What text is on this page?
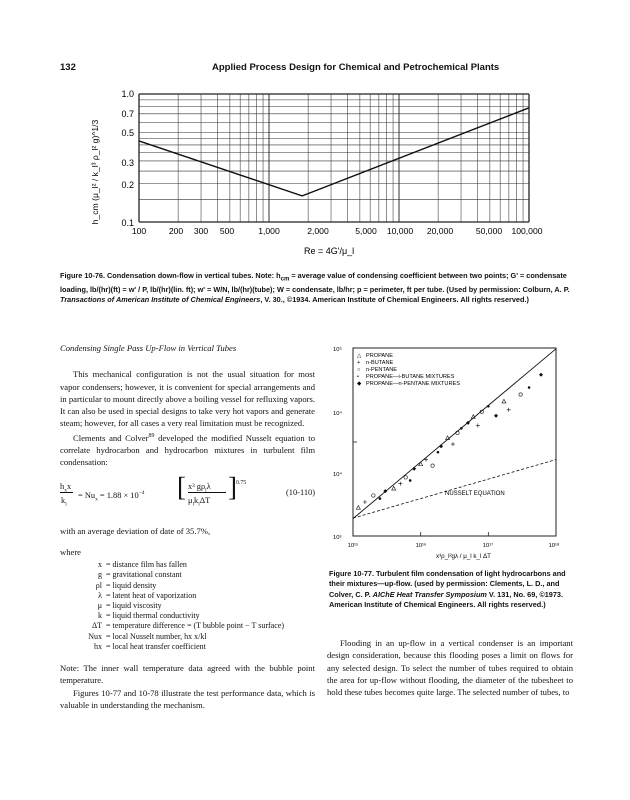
132	Applied Process Design for Chemical and Petrochemical Plants
1.0
0.7
0.5
0.3
0.2
0.1
100	200 300 500	1,000	2,000	5,000 10,000 20,000	50,000 100,000
h_cm (μ_l² / k_l³ ρ_l² g)^1/3
Re = 4G'/μ_l
Figure 10-76. Condensation down-flow in vertical tubes. Note: $h_{cm}$ = average value of condensing coefficient between two points; G' = condensate loading, lb/(hr)(ft) = w' / P, lb/(hr)(lin. ft); w' = W/N, lb/(hr)(tube); W = condensate, lb/hr; p = perimeter, ft per tube. (Used by permission: Colburn, A. P. Transactions of American Institute of Chemical Engineers, V. 30., ©1934. American Institute of Chemical Engineers. All rights reserved.)

Condensing Single Pass Up-Flow in Vertical Tubes

This mechanical configuration is not the usual situation for most vapor condensers; however, it is convenient for special arrangements and in particular to mount directly above a boiling vessel for refluxing vapors. It can also be used in special designs to take very hot vapors and generate steam; however, for all cases a very real limitation must be recognized.

Clements and Colver$^{89}$ developed the modified Nusselt equation to correlate hydrocarbon and hydrocarbon mixtures in turbulent film condensation:

$h_xx$
$k_l$
= $Nu_x = 1.88 \times 10^{-4}$ [ x³ $g\rho_l\lambda$
$\mu_lk_l\Delta T$ ] 0.75
(10-110)

with an average deviation of date of 35.7%,

where

x = distance film has fallen
g = gravitational constant
ρl = liquid density
λ = latent heat of vaporization
μ = liquid viscosity
k = liquid thermal conductivity
ΔT = temperature difference = (T bubble point − T surface)
Nux = local Nusselt number, hx x/kl
hx = local heat transfer coefficient

Note: The inner wall temperature data agreed with the bubble point temperature.

Figures 10-77 and 10-78 illustrate the test performance data, which is valuable in understanding the mechanism.

10⁵
10⁴
10⁴
10³
10¹⁵	10¹⁶	10¹⁷	10¹⁸
x³ρ_l²gλ / μ_l k_l ΔT
△ PROPANE
+ n-BUTANE
○ n-PENTANE
• PROPANE—i-BUTANE MIXTURES
◆ PROPANE—n-PENTANE MIXTURES
NUSSELT EQUATION
Figure 10-77. Turbulent film condensation of light hydrocarbons and their mixtures—up-flow. (used by permission: Clements, L. D., and Colver, C. P. AIChE Heat Transfer Symposium V. 131, No. 69, ©1973. American Institute of Chemical Engineers. All rights reserved.)
Flooding in an up-flow in a vertical condenser is an important design consideration, because this flooding poses a limit on flows for any selected design. To select the number of tubes required to obtain the area for up-flow without flooding, the diameter of the tubesheet to hold these tubes becomes quite large. The selected number of tubes, to
